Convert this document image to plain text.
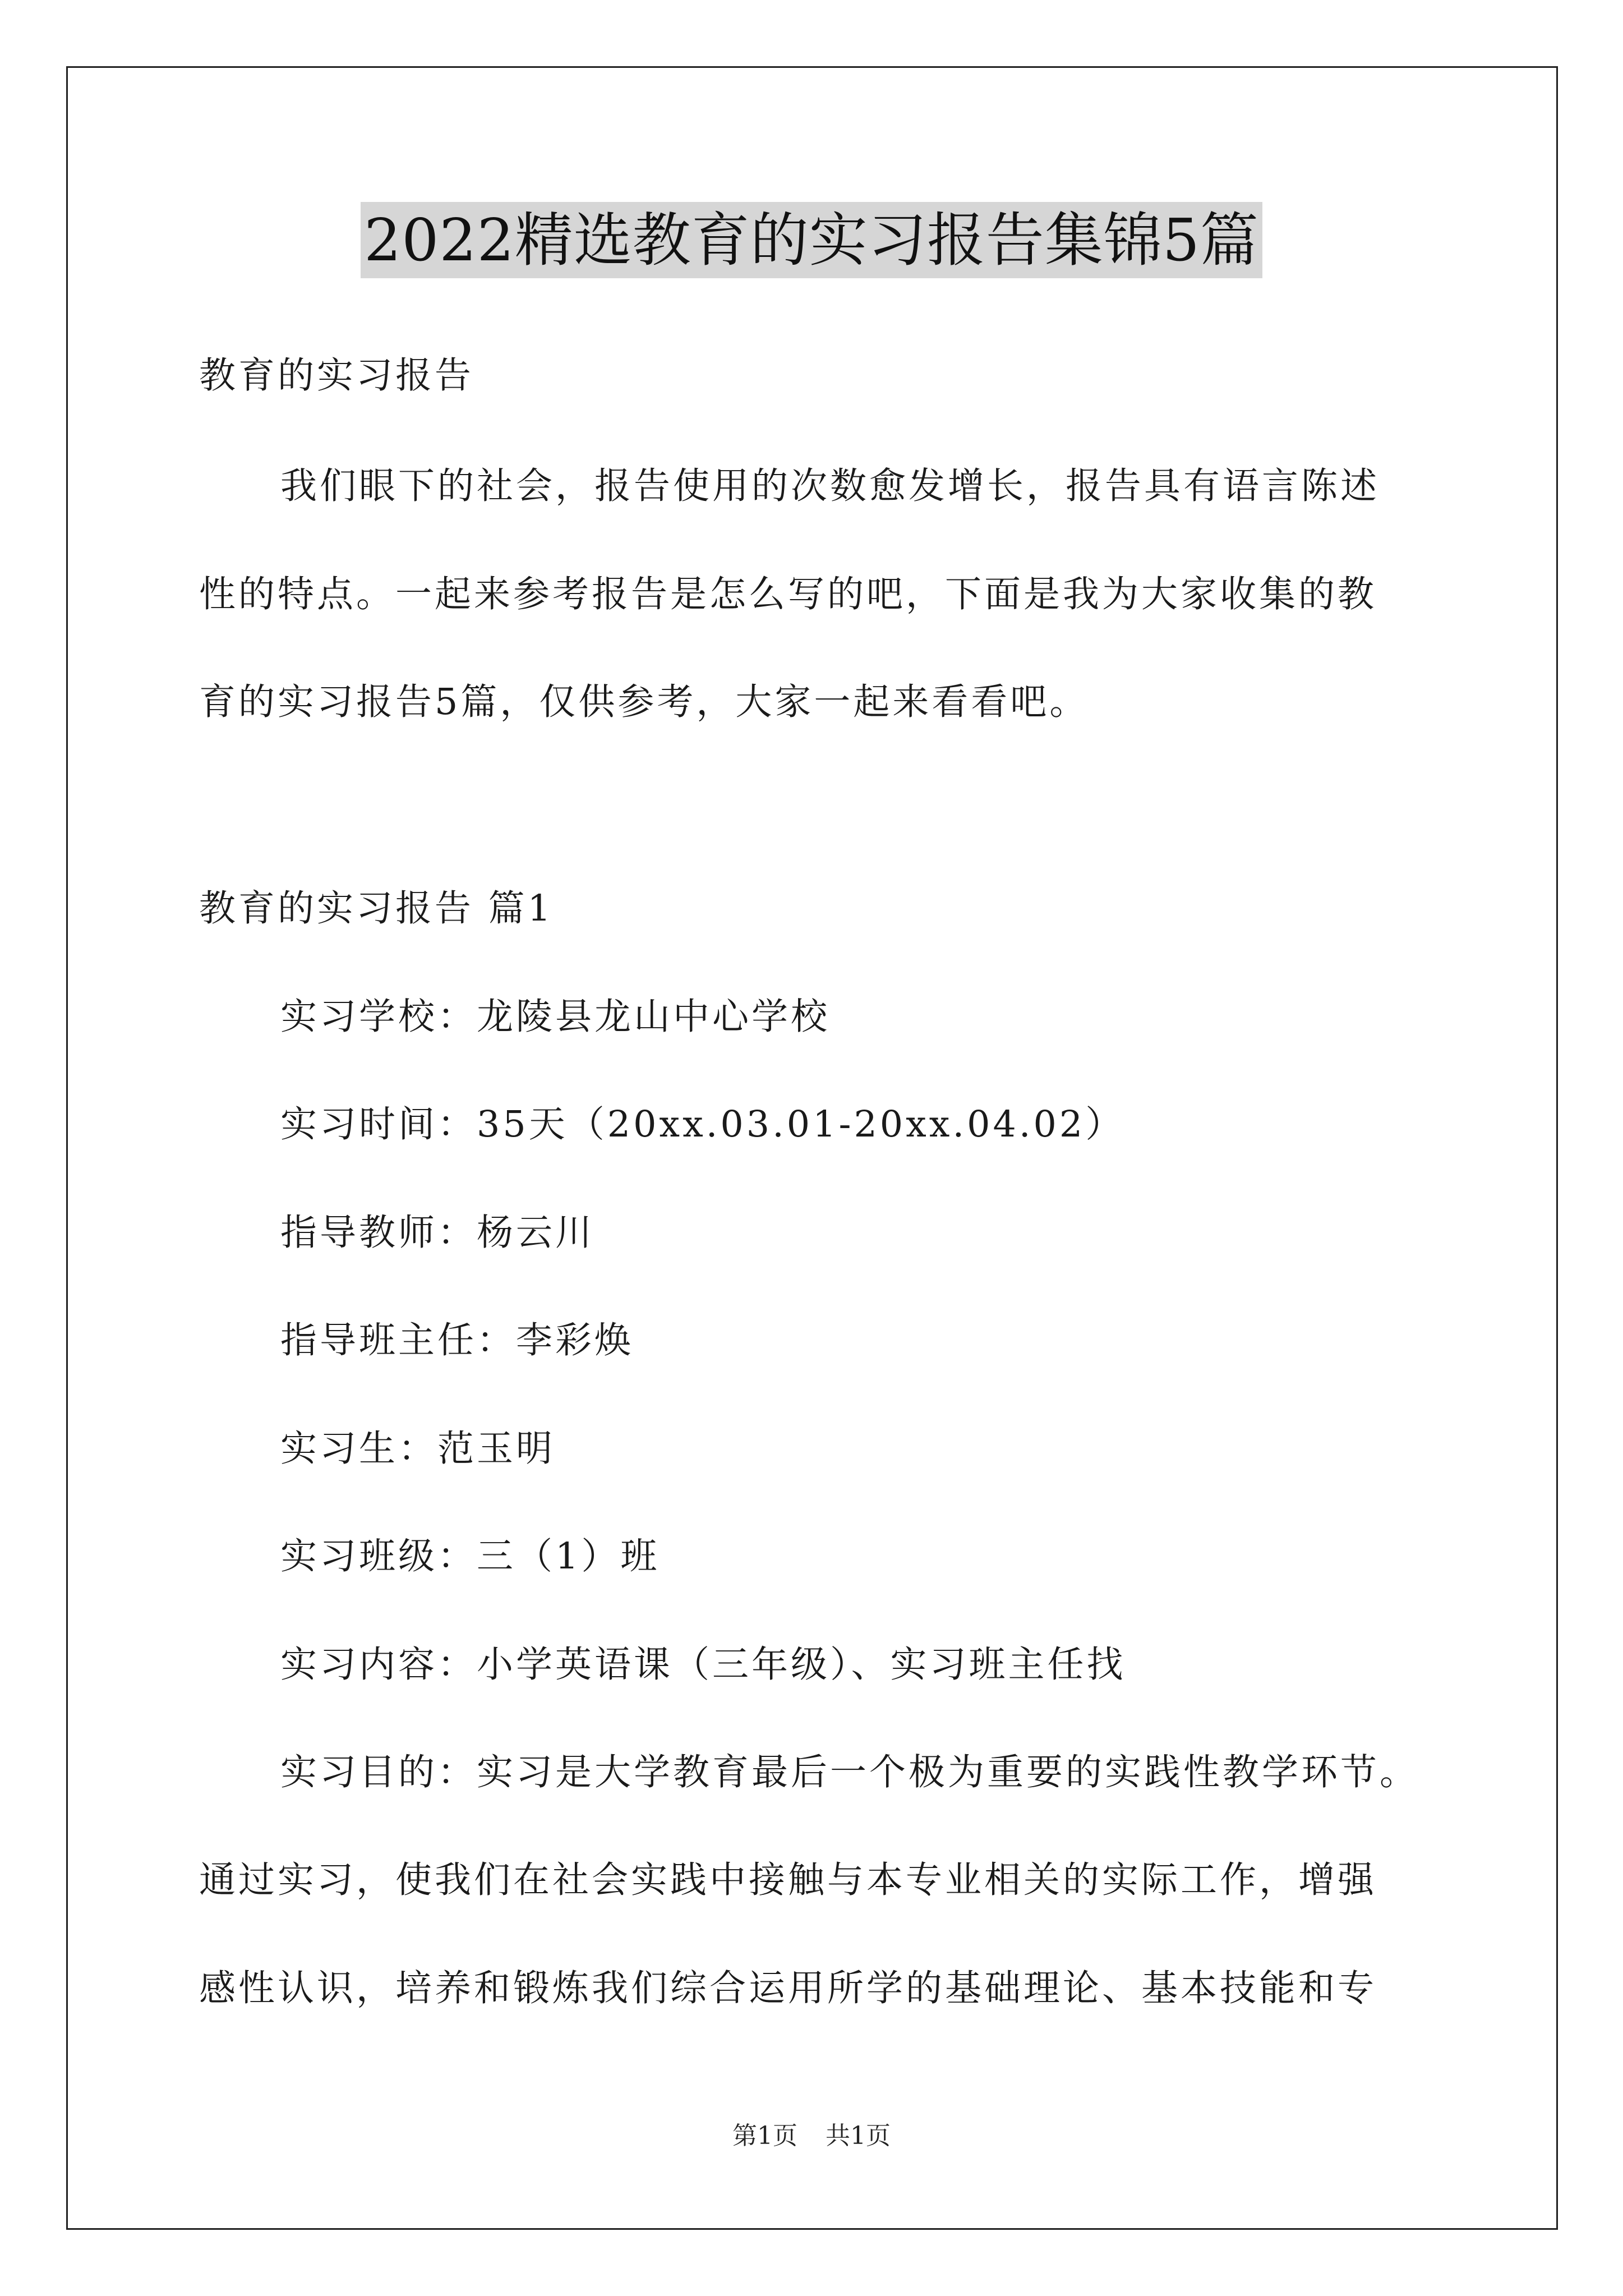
2022精选教育的实习报告集锦5篇
教育的实习报告
我们眼下的社会，报告使用的次数愈发增长，报告具有语言陈述
性的特点。一起来参考报告是怎么写的吧，下面是我为大家收集的教
育的实习报告5篇，仅供参考，大家一起来看看吧。
教育的实习报告 篇1
实习学校：龙陵县龙山中心学校
实习时间：35天（20xx.03.01-20xx.04.02）
指导教师：杨云川
指导班主任：李彩焕
实习生：范玉明
实习班级：三（1）班
实习内容：小学英语课（三年级）、实习班主任找
实习目的：实习是大学教育最后一个极为重要的实践性教学环节。
通过实习，使我们在社会实践中接触与本专业相关的实际工作，增强
感性认识，培养和锻炼我们综合运用所学的基础理论、基本技能和专
第1页 共1页
